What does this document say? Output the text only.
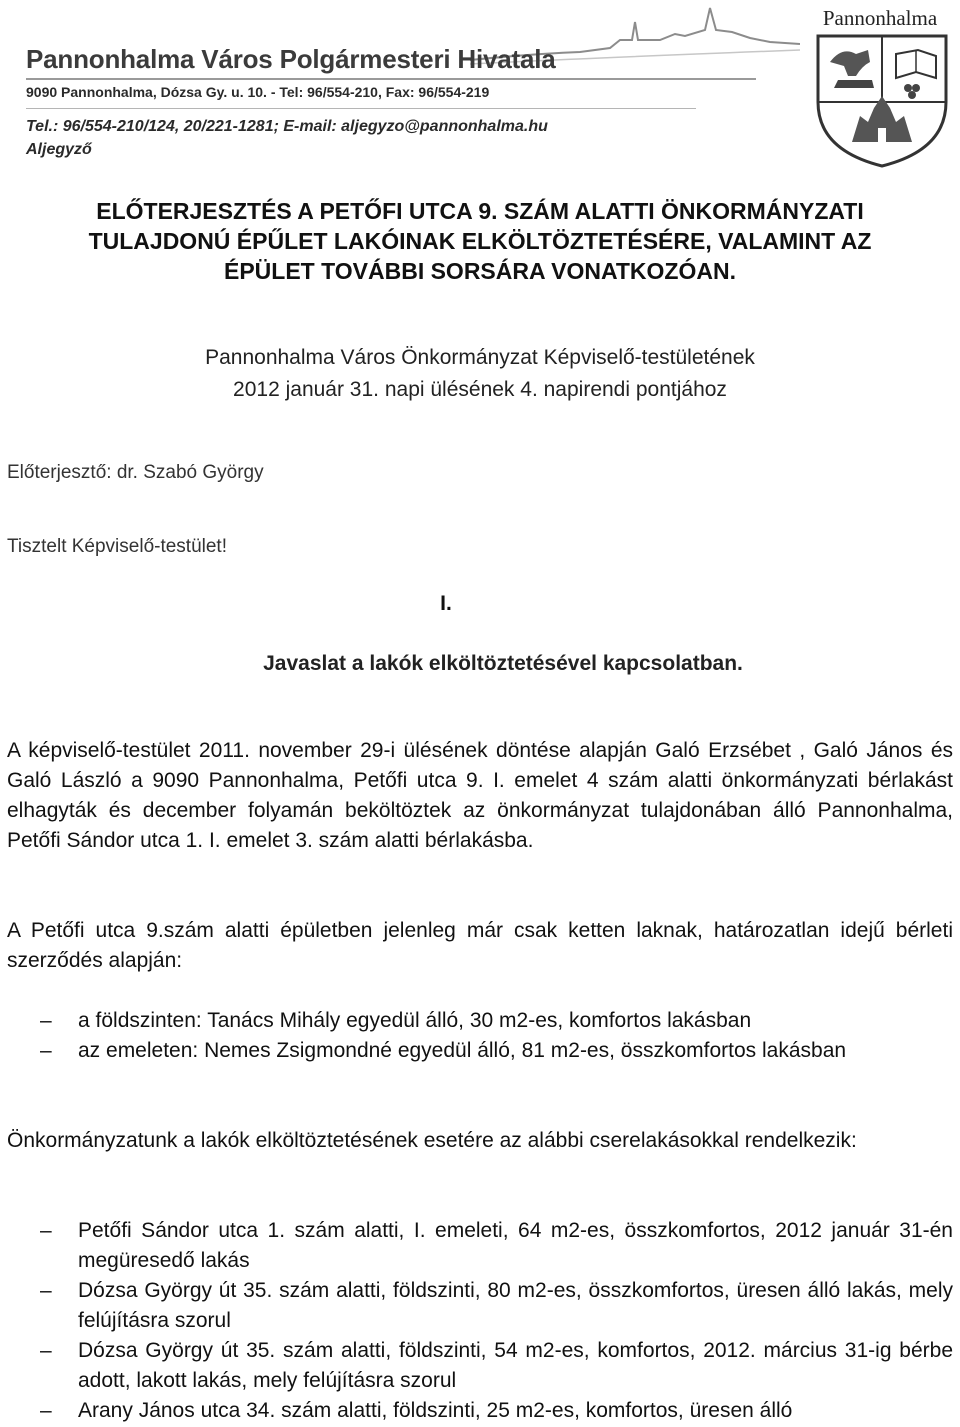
Pannonhalma Város Polgármesteri Hivatala
9090 Pannonhalma, Dózsa Gy. u. 10. - Tel: 96/554-210, Fax: 96/554-219
Tel.: 96/554-210/124, 20/221-1281; E-mail: aljegyzo@pannonhalma.hu
Aljegyző
Pannonhalma
ELŐTERJESZTÉS A PETŐFI UTCA 9. SZÁM ALATTI ÖNKORMÁNYZATI
TULAJDONÚ ÉPŰLET LAKÓINAK ELKÖLTÖZTETÉSÉRE, VALAMINT AZ
ÉPÜLET TOVÁBBI SORSÁRA VONATKOZÓAN.
Pannonhalma Város Önkormányzat Képviselő-testületének
2012 január 31. napi ülésének 4. napirendi pontjához
Előterjesztő: dr. Szabó György
Tisztelt Képviselő-testület!
I.
Javaslat a lakók elköltöztetésével kapcsolatban.
A képviselő-testület 2011. november 29-i ülésének döntése alapján Galó Erzsébet , Galó János és Galó László a 9090 Pannonhalma, Petőfi utca 9. I. emelet 4 szám alatti önkormányzati bérlakást elhagyták és december folyamán beköltöztek az önkormányzat tulajdonában álló Pannonhalma, Petőfi Sándor utca 1. I. emelet 3. szám alatti bérlakásba.
A Petőfi utca 9.szám alatti épületben jelenleg már csak ketten laknak, határozatlan idejű bérleti szerződés alapján:
– a földszinten: Tanács Mihály egyedül álló, 30 m2-es, komfortos lakásban
– az emeleten: Nemes Zsigmondné egyedül álló, 81 m2-es, összkomfortos lakásban
Önkormányzatunk a lakók elköltöztetésének esetére az alábbi cserelakásokkal rendelkezik:
– Petőfi Sándor utca 1. szám alatti, I. emeleti, 64 m2-es, összkomfortos, 2012 január 31-én megüresedő lakás
– Dózsa György út 35. szám alatti, földszinti, 80 m2-es, összkomfortos, üresen álló lakás, mely felújításra szorul
– Dózsa György út 35. szám alatti, földszinti, 54 m2-es, komfortos, 2012. március 31-ig bérbe adott, lakott lakás, mely felújításra szorul
– Arany János utca 34. szám alatti, földszinti, 25 m2-es, komfortos, üresen álló
